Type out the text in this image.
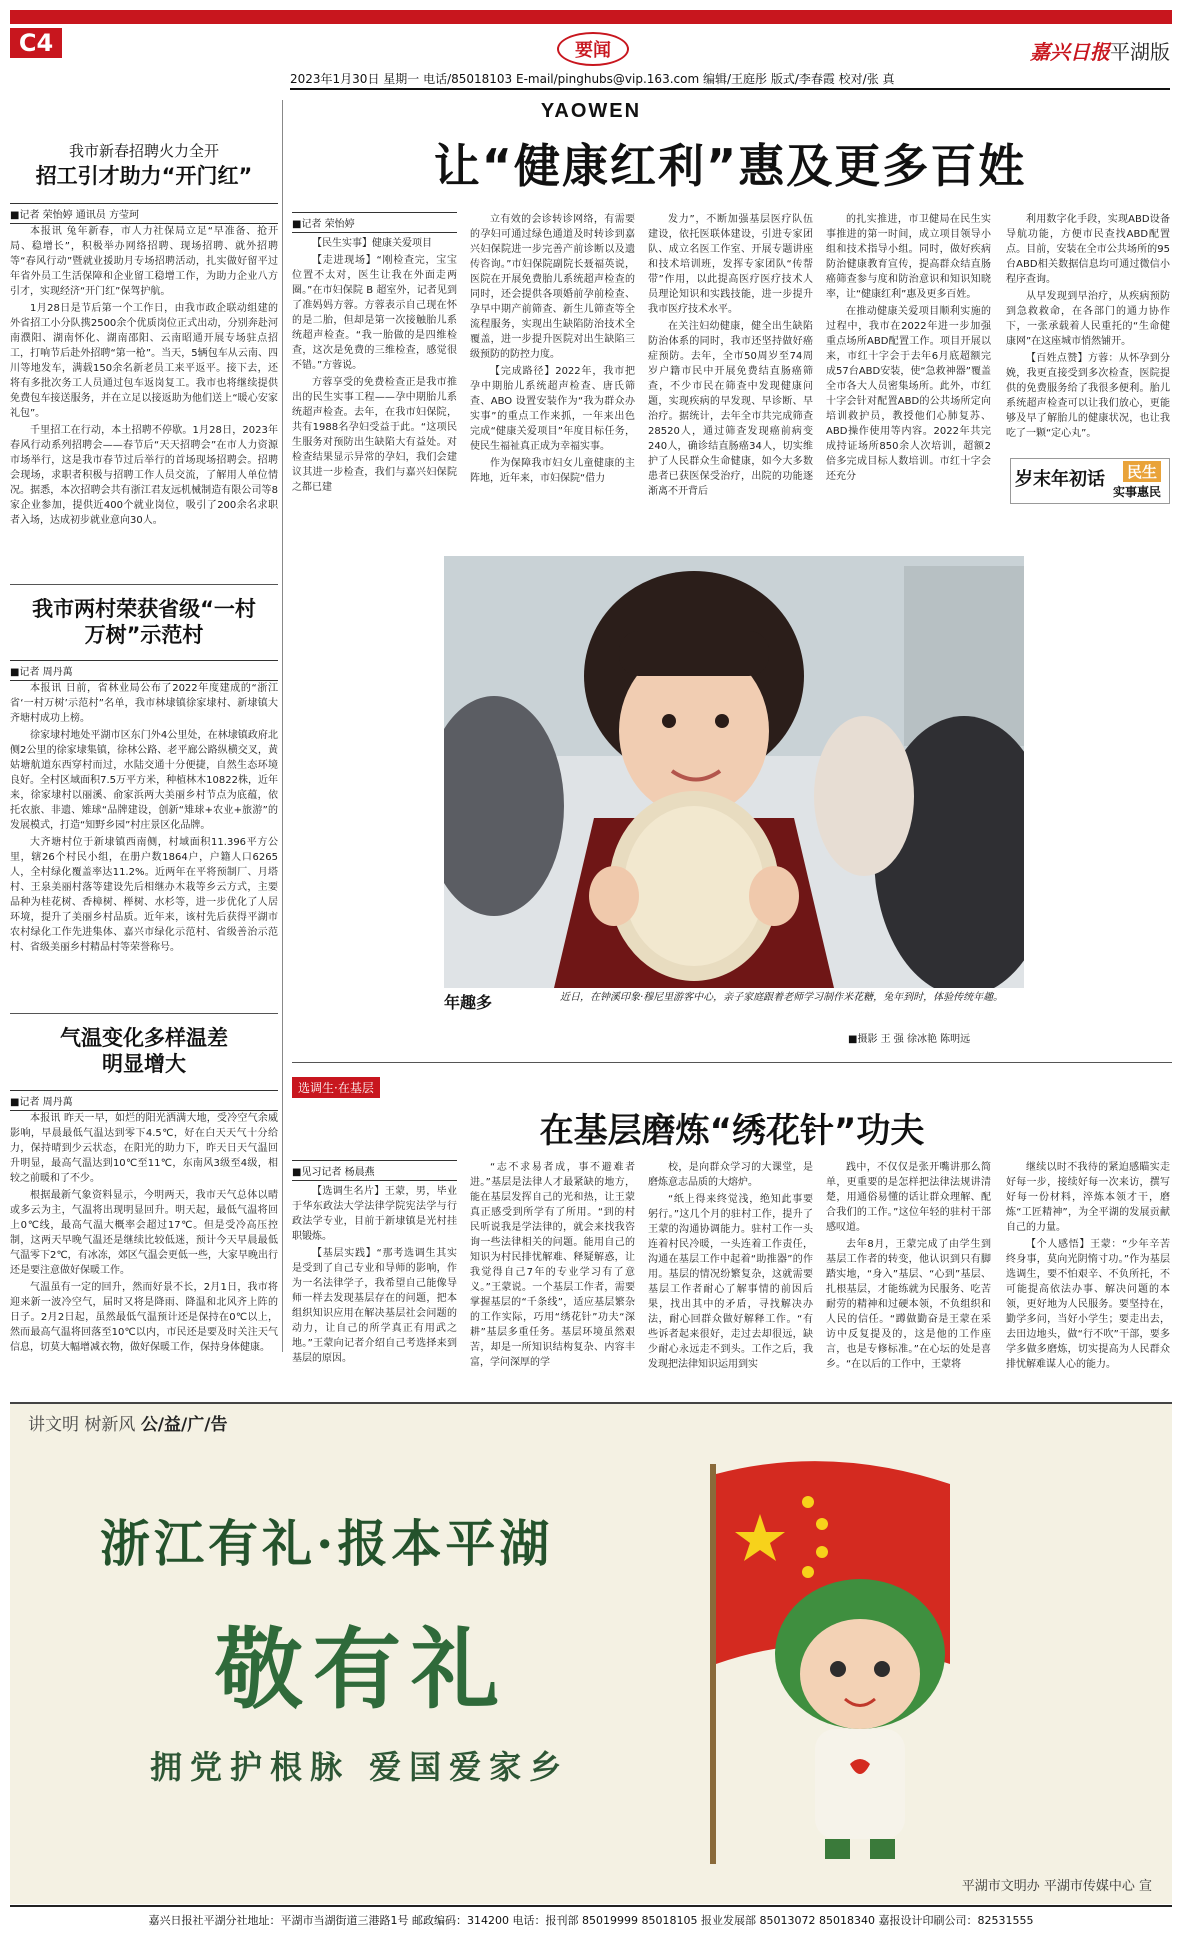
C4	要闻	嘉兴日报平湖版
2023年1月30日 星期一 电话/85018103 E-mail/pinghubs@vip.163.com 编辑/王庭彤 版式/李春霞 校对/张 真
YAOWEN
让“健康红利”惠及更多百姓
我市新春招聘火力全开
招工引才助力“开门红”
■记者 荣怡婷 通讯员 方莹珂

本报讯 兔年新春，市人力社保局立足“早准备、抢开局、稳增长”，积极举办网络招聘、现场招聘、就外招聘等“春风行动”暨就业援助月专场招聘活动，扎实做好留平过年省外员工生活保障和企业留工稳增工作，为助力企业八方引才，实现经济“开门红”保驾护航。

1月28日是节后第一个工作日，由我市政企联动组建的外省招工小分队携2500余个优质岗位正式出动，分别奔赴河南濮阳、湖南怀化、湖南邵阳、云南昭通开展专场驻点招工，打响节后赴外招聘“第一枪”。当天，5辆包车从云南、四川等地发车，满载150余名新老员工来平返平。接下去，还将有多批次务工人员通过包车返岗复工。我市也将继续提供免费包车接送服务，并在立足以接返助为他们送上“暖心安家礼包”。

千里招工在行动，本土招聘不停歇。1月28日，2023年春风行动系列招聘会——春节后“天天招聘会”在市人力资源市场举行，这是我市春节过后举行的首场现场招聘会。招聘会现场，求职者积极与招聘工作人员交流，了解用人单位情况。据悉，本次招聘会共有浙江君友远机械制造有限公司等8家企业参加，提供近400个就业岗位，吸引了200余名求职者入场，达成初步就业意向30人。

我市两村荣获省级“一村万树”示范村
■记者 周丹萬

本报讯 日前，省林业局公布了2022年度建成的“浙江省‘一村万树’示范村”名单，我市林埭镇徐家埭村、新埭镇大齐塘村成功上榜。

徐家埭村地处平湖市区东门外4公里处，在林埭镇政府北侧2公里的徐家埭集镇，徐林公路、老平廊公路纵横交叉，黄姑塘航道东西穿村而过，水陆交通十分便捷，自然生态环境良好。全村区域面积7.5万平方米，种植林木10822株，近年来，徐家埭村以丽溪、俞家浜两大美丽乡村节点为底蕴，依托农旅、非遗、雉球“品牌建设，创新“雉球+农业+旅游”的发展模式，打造“知野乡园”村庄景区化品牌。

大齐塘村位于新埭镇西南侧，村域面积11.396平方公里，辖26个村民小组，在册户数1864户，户籍人口6265人，全村绿化覆盖率达11.2%。近两年在平将预制厂、月塔村、王泉美丽村落等建设先后相继办木栽等乡云方式，主要品种为桂花树、香樟树、榉树、水杉等，进一步优化了人居环境，提升了美丽乡村品质。近年来，该村先后获得平湖市农村绿化工作先进集体、嘉兴市绿化示范村、省级善治示范村、省级美丽乡村精品村等荣誉称号。

气温变化多样温差明显增大
■记者 周丹萬

本报讯 昨天一早，如烂的阳光洒满大地，受冷空气余威影响，早晨最低气温达到零下4.5℃，好在白天天气十分给力，保持晴到少云状态，在阳光的助力下，昨天日天气温回升明显，最高气温达到10℃至11℃，东南风3级至4级，相较之前暖和了不少。

根据最新气象资料显示，今明两天，我市天气总体以晴或多云为主，气温将出现明显回升。明天起，最低气温将回上0℃线，最高气温大概率会超过17℃。但是受冷高压控制，这两天早晚气温还是继续比较低迷，预计今天早晨最低气温零下2℃，有冰冻，郊区气温会更低一些，大家早晚出行还是要注意做好保暖工作。

气温虽有一定的回升，然而好景不长，2月1日，我市将迎来新一波冷空气，届时又将是降雨、降温和北风齐上阵的日子。2月2日起，虽然最低气温预计还是保持在0℃以上，然而最高气温将回落至10℃以内，市民还是要及时关注天气信息，切莫大幅增减衣物，做好保暖工作，保持身体健康。

■记者 荣怡婷

【民生实事】健康关爱项目

【走进现场】“刚检查完，宝宝位置不太对，医生让我在外面走两圈。”在市妇保院 B 超室外，记者见到了准妈妈方蓉。方蓉表示自己现在怀的是二胎，但却是第一次接触胎儿系统超声检查。“我一胎做的是四维检查，这次是免费的三维检查，感觉很不错。”方蓉说。

方蓉享受的免费检查正是我市推出的民生实事工程——孕中期胎儿系统超声检查。去年，在我市妇保院，共有1988名孕妇受益于此。“这项民生服务对预防出生缺陷大有益处。对检查结果显示异常的孕妇，我们会建议其进一步检查，我们与嘉兴妇保院之都已建

立有效的会诊转诊网络，有需要的孕妇可通过绿色通道及时转诊到嘉兴妇保院进一步完善产前诊断以及遗传咨询。”市妇保院副院长聂福英说，医院在开展免费胎儿系统超声检查的同时，还会提供各项婚前孕前检查、孕早中期产前筛查、新生儿筛查等全流程服务，实现出生缺陷防治技术全覆盖，进一步提升医院对出生缺陷三级预防的防控力度。

【完成路径】2022年，我市把孕中期胎儿系统超声检查、唐氏筛查、ABO 设置安装作为“我为群众办实事”的重点工作来抓，一年来出色完成“健康关爱项目”年度目标任务，使民生福祉真正成为幸福实事。

作为保障我市妇女儿童健康的主阵地，近年来，市妇保院“借力

发力”，不断加强基层医疗队伍建设，依托医联体建设，引进专家团队、成立名医工作室、开展专题讲座和技术培训班，发挥专家团队“传帮带”作用，以此提高医疗医疗技术人员理论知识和实践技能，进一步提升我市医疗技术水平。

在关注妇幼健康，健全出生缺陷防治体系的同时，我市还坚持做好癌症预防。去年，全市50周岁至74周岁户籍市民中开展免费结直肠癌筛查，不少市民在筛查中发现健康问题，实现疾病的早发现、早诊断、早治疗。据统计，去年全市共完成筛查28520人，通过筛查发现癌前病变240人，确诊结直肠癌34人，切实维护了人民群众生命健康，如今大多数患者已获医保受治疗，出院的功能逐渐离不开背后

的扎实推进，市卫健局在民生实事推进的第一时间，成立项目领导小组和技术指导小组。同时，做好疾病防治健康教育宣传，提高群众结直肠癌筛查参与度和防治意识和知识知晓率，让“健康红利”惠及更多百姓。

在推动健康关爱项目顺利实施的过程中，我市在2022年进一步加强重点场所ABD配置工作。项目开展以来，市红十字会于去年6月底超额完成57台ABD安装，使“急救神器”覆盖全市各大人员密集场所。此外，市红十字会针对配置ABD的公共场所定向培训救护员，教授他们心肺复苏、ABD操作使用等内容。2022年共完成持证场所850余人次培训，超额2倍多完成目标人数培训。市红十字会还充分

利用数字化手段，实现ABD设备导航功能，方便市民查找ABD配置点。目前，安装在全市公共场所的95台ABD相关数据信息均可通过微信小程序查询。

从早发现到早治疗，从疾病预防到急救救命，在各部门的通力协作下，一张承载着人民重托的“生命健康网”在这座城市悄然铺开。

【百姓点赞】方蓉：从怀孕到分娩，我更直接受到多次检查，医院提供的免费服务给了我很多便利。胎儿系统超声检查可以让我们放心，更能够及早了解胎儿的健康状况，也让我吃了一颗“定心丸”。

岁末年初话 民生
实事惠民
年趣多	近日，在钟溪印象·穆尼里游客中心，亲子家庭跟着老师学习制作米花糖，兔年到时，体验传统年趣。
■摄影 王 强 徐冰艳 陈明远
选调生·在基层
在基层磨炼“绣花针”功夫
■见习记者 杨晨燕

【选调生名片】王蒙，男，毕业于华东政法大学法律学院宪法学与行政法学专业，目前于新埭镇是光村挂职锻炼。

【基层实践】“那考选调生其实是受到了自己专业和导师的影响，作为一名法律学子，我希望自己能像导师一样去发现基层存在的问题，把本组织知识应用在解决基层社会问题的动力，让自己的所学真正有用武之地。”王蒙向记者介绍自己考选择来到基层的原因。

“志不求易者成，事不避难者进。”基层是法律人才最紧缺的地方，能在基层发挥自己的光和热，让王蒙真正感受到所学有了所用。“到的村民听说我是学法律的，就会来找我咨询一些法律相关的问题。能用自己的知识为村民排忧解难、释疑解惑，让我觉得自己7年的专业学习有了意义。”王蒙说。一个基层工作者，需要掌握基层的“千条线”，适应基层繁杂的工作实际，巧用“绣花针”功夫“深耕”基层多重任务。基层环境虽然艰苦，却是一所知识结构复杂、内容丰富，学问深厚的学

校，是向群众学习的大课堂，是磨炼意志品质的大熔炉。

“纸上得来终觉浅，绝知此事要躬行。”这几个月的驻村工作，提升了王蒙的沟通协调能力。驻村工作一头连着村民冷暖，一头连着工作责任，沟通在基层工作中起着“助推器”的作用。基层的情况纷繁复杂，这就需要基层工作者耐心了解事情的前因后果，找出其中的矛盾，寻找解决办法，耐心回群众做好解释工作。“有些诉者起来很好，走过去却很远，缺少耐心永远走不到头。工作之后，我发现把法律知识运用到实

践中，不仅仅是张开嘴讲那么简单，更重要的是怎样把法律法规讲清楚，用通俗易懂的话让群众理解、配合我们的工作。”这位年轻的驻村干部感叹道。

去年8月，王蒙完成了由学生到基层工作者的转变，他认识到只有脚踏实地，“身入”基层、“心到”基层、扎根基层，才能练就为民服务、吃苦耐劳的精神和过硬本领，不负组织和人民的信任。“蹲做勤奋是王蒙在采访中反复提及的，这是他的工作座言，也是专修标准。”在心坛的处是喜乡。“在以后的工作中，王蒙将

继续以时不我待的紧迫感瞄实走好每一步，接续好每一次来访，撰写好每一份材料，淬炼本领才干，磨炼“工匠精神”，为全平湖的发展贡献自己的力量。

【个人感悟】王蒙：“少年辛苦终身事，莫向光阴惰寸功。”作为基层选调生，要不怕艰辛、不负所托，不可能提高依法办事、解决问题的本领，更好地为人民服务。要坚持在，勤学多问，当好小学生；要走出去，去田边地头，做“行不吹”干部，要多学多做多磨炼，切实提高为人民群众排忧解难谋人心的能力。

讲文明 树新风 公/益/广/告
浙江有礼·报本平湖
敬有礼
拥党护根脉 爱国爱家乡
平湖市文明办 平湖市传媒中心 宣
嘉兴日报社平湖分社地址：平湖市当湖街道三港路1号 邮政编码：314200 电话：报刊部 85019999 85018105 报业发展部 85013072 85018340 嘉报设计印刷公司：82531555
